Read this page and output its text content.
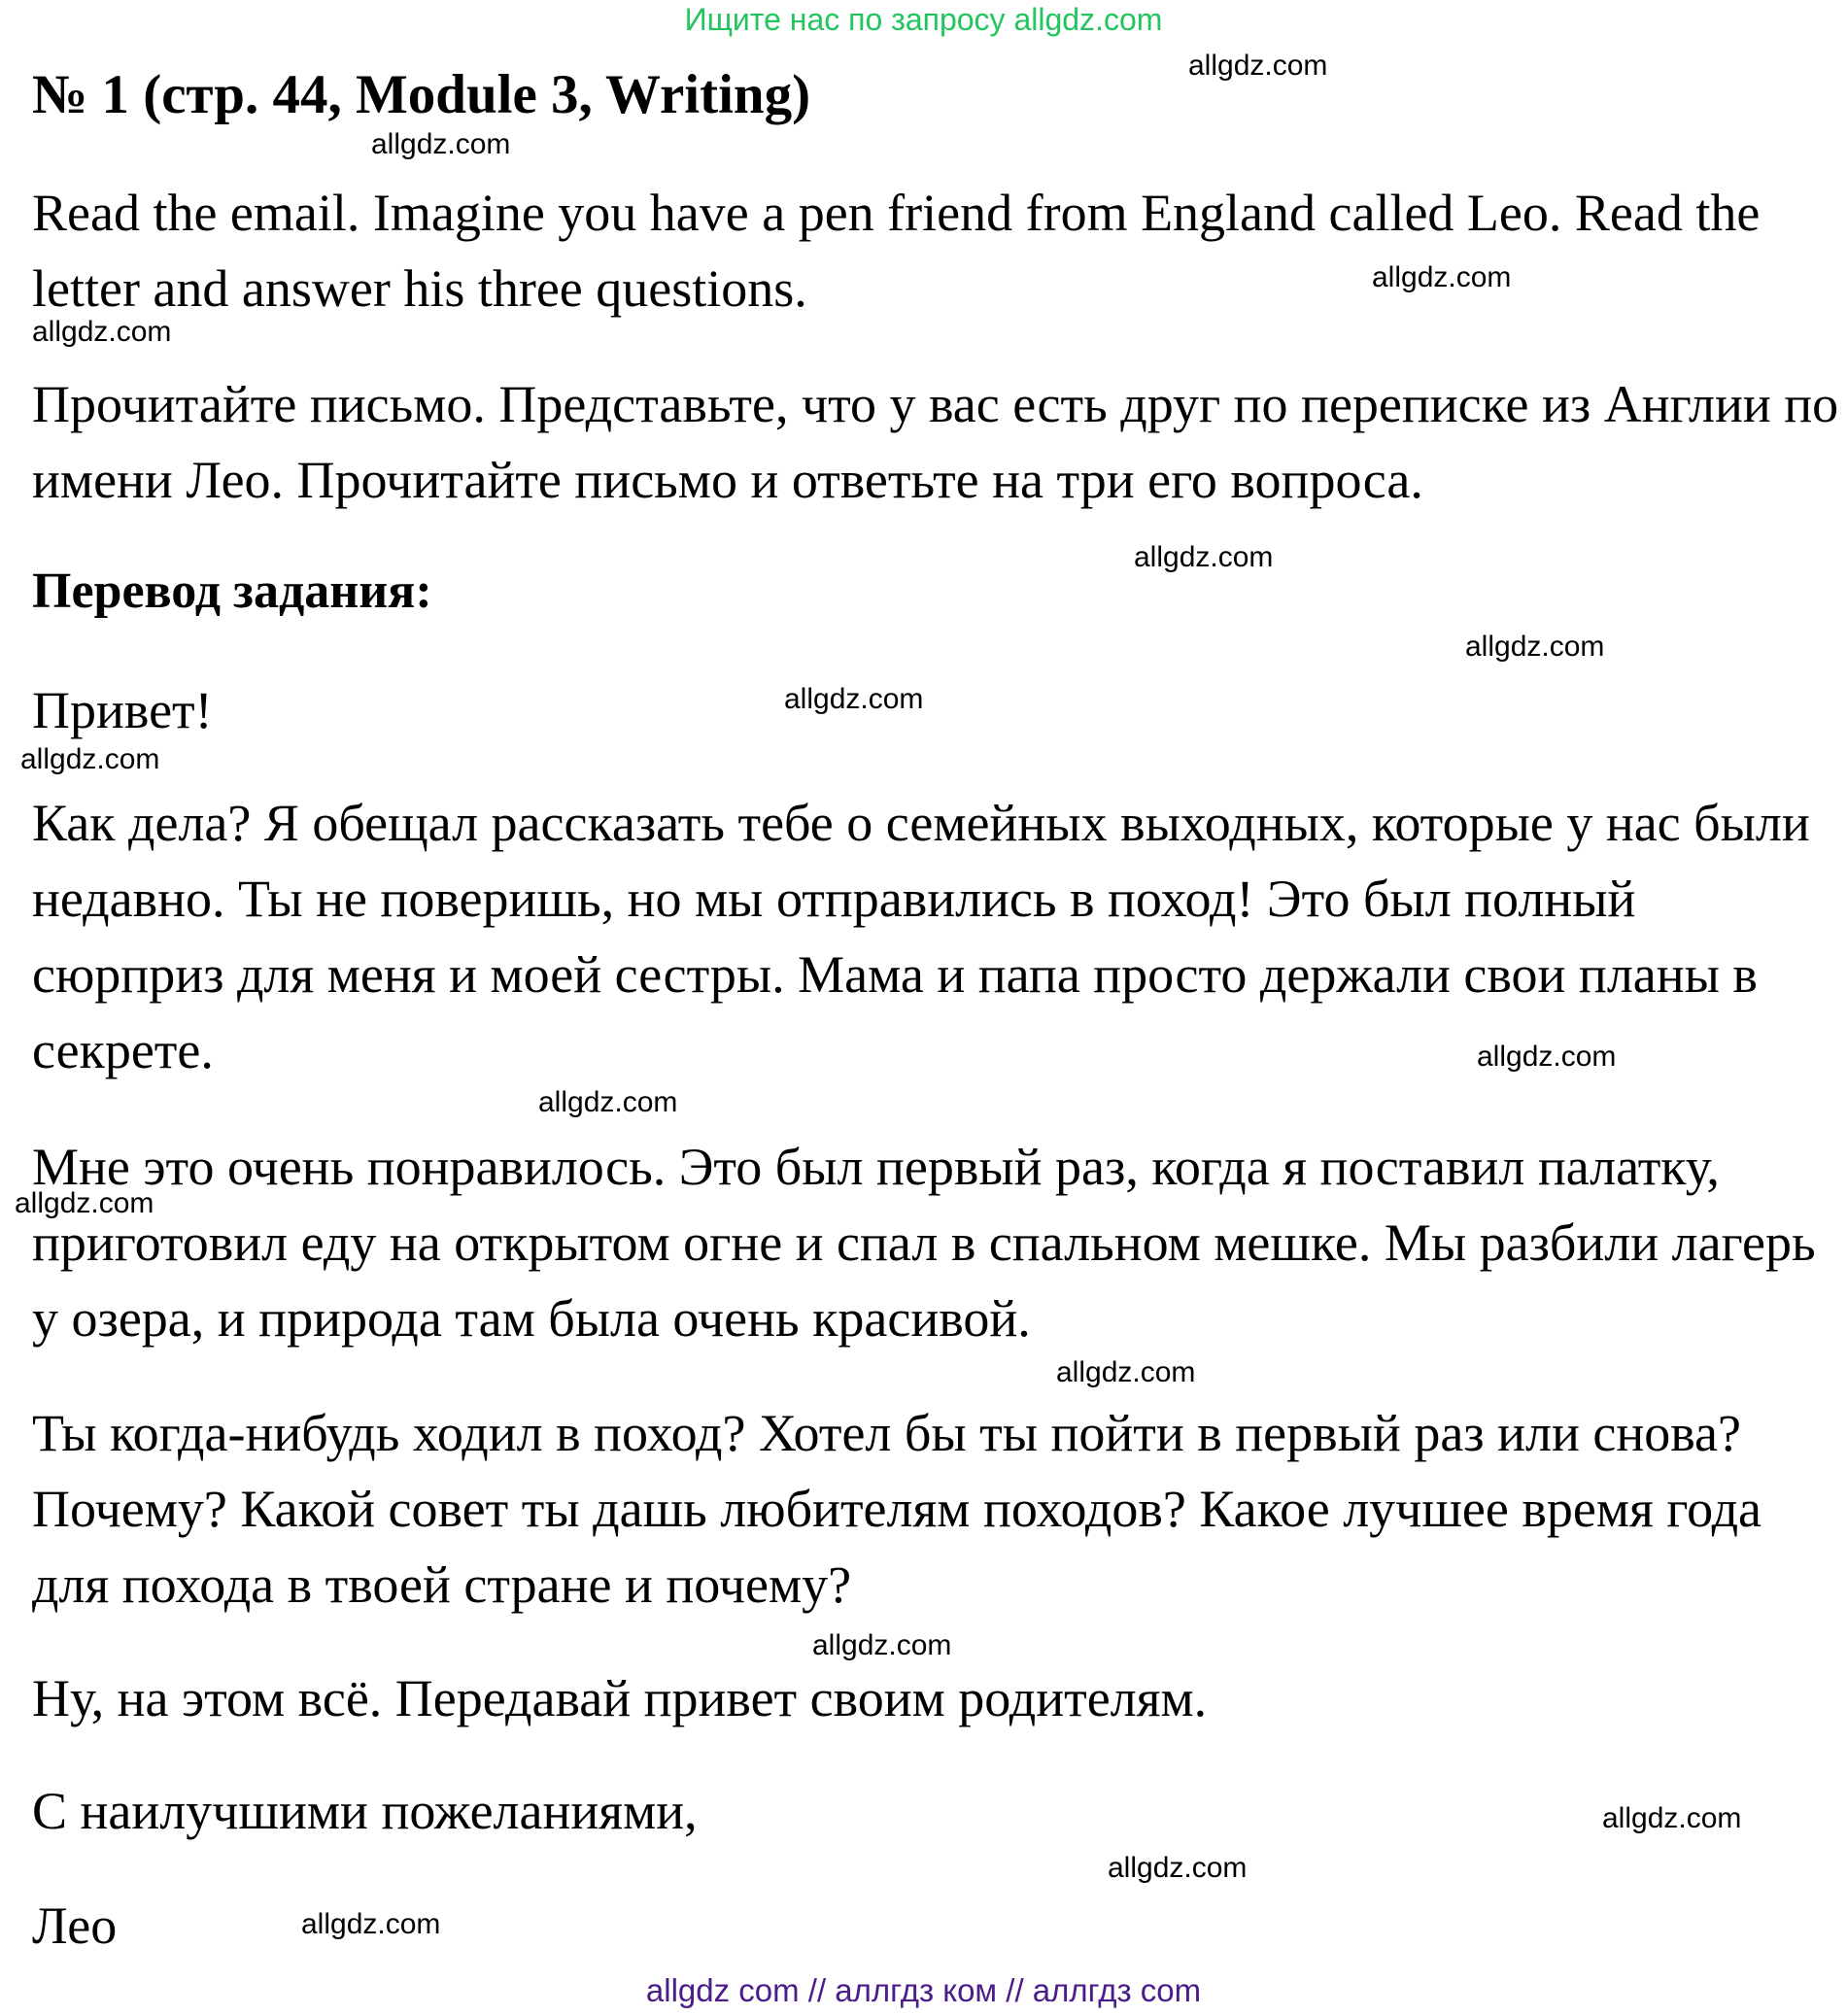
Ищите нас по запросу allgdz.com
№ 1 (стр. 44, Module 3, Writing)

Read the email. Imagine you have a pen friend from England called Leo. Read the letter and answer his three questions.

Прочитайте письмо. Представьте, что у вас есть друг по переписке из Англии по имени Лео. Прочитайте письмо и ответьте на три его вопроса.

Перевод задания:

Привет!

Как дела? Я обещал рассказать тебе о семейных выходных, которые у нас были недавно. Ты не поверишь, но мы отправились в поход! Это был полный сюрприз для меня и моей сестры. Мама и папа просто держали свои планы в секрете.

Мне это очень понравилось. Это был первый раз, когда я поставил палатку, приготовил еду на открытом огне и спал в спальном мешке. Мы разбили лагерь у озера, и природа там была очень красивой.

Ты когда-нибудь ходил в поход? Хотел бы ты пойти в первый раз или снова? Почему? Какой совет ты дашь любителям походов? Какое лучшее время года для похода в твоей стране и почему?

Ну, на этом всё. Передавай привет своим родителям.

С наилучшими пожеланиями,

Лео

allgdz.com
allgdz.com
allgdz.com
allgdz.com
allgdz.com
allgdz.com
allgdz.com
allgdz.com
allgdz.com
allgdz.com
allgdz.com
allgdz.com
allgdz.com
allgdz.com
allgdz.com
allgdz.com
allgdz com // аллгдз ком // аллгдз com
